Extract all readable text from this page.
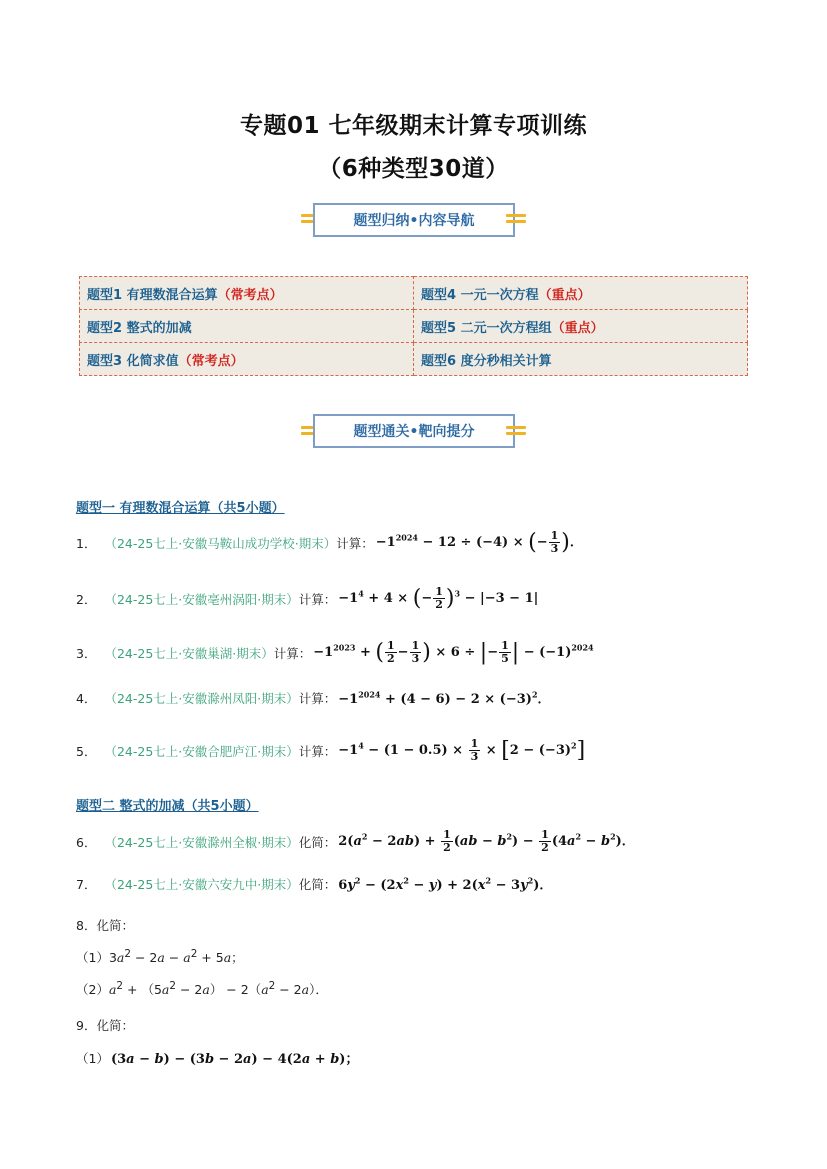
专题01 七年级期末计算专项训练
（6种类型30道）
题型归纳•内容导航
题型1 有理数混合运算（常考点）	题型4 一元一次方程（重点）
题型2 整式的加减	题型5 二元一次方程组（重点）
题型3 化简求值（常考点）	题型6 度分秒相关计算
题型通关•靶向提分
题型一 有理数混合运算（共5小题）
1． （24-25七上·安徽马鞍山成功学校·期末） 计算： $-1^{2024} - 12 \div (-4)$ × (− $\frac{1}{3}$ )．
2． （24-25七上·安徽亳州涡阳·期末） 计算： $-1^4 + 4$ × (− $\frac{1}{2} )^3 - |-3 - 1|$
3． （24-25七上·安徽巢湖·期末） 计算： $-1^{2023}$ + ( $\frac{1}{2} - \frac{1}{3}$ ) × 6 ÷ |− $\frac{1}{5}$ | − $(-1)^{2024}$
4． （24-25七上·安徽滁州凤阳·期末） 计算： $-1^{2024} + (4 - 6) - 2 \times (-3)^2$．
5． （24-25七上·安徽合肥庐江·期末） 计算： $-1^4 - (1 - 0.5) \times \frac{1}{3} \times [2 - (-3)^2]$
题型二 整式的加减（共5小题）
6． （24-25七上·安徽滁州全椒·期末） 化简： $2(a^2 - 2ab) + \frac{1}{2} (ab - b^2) - \frac{1}{2} (4a^2 - b^2)$．
7． （24-25七上·安徽六安九中·期末） 化简： $6y^2 - (2x^2 - y) + 2(x^2 - 3y^2)$．
8．化简：
$(1)3a^2 - 2a - a^2 + 5a$；
$(2)a^2 + (5a^2 - 2a) - 2(a^2 - 2a)$．
9．化简：
（1） (3a − b) − (3b − 2a) − 4(2a + b)；
